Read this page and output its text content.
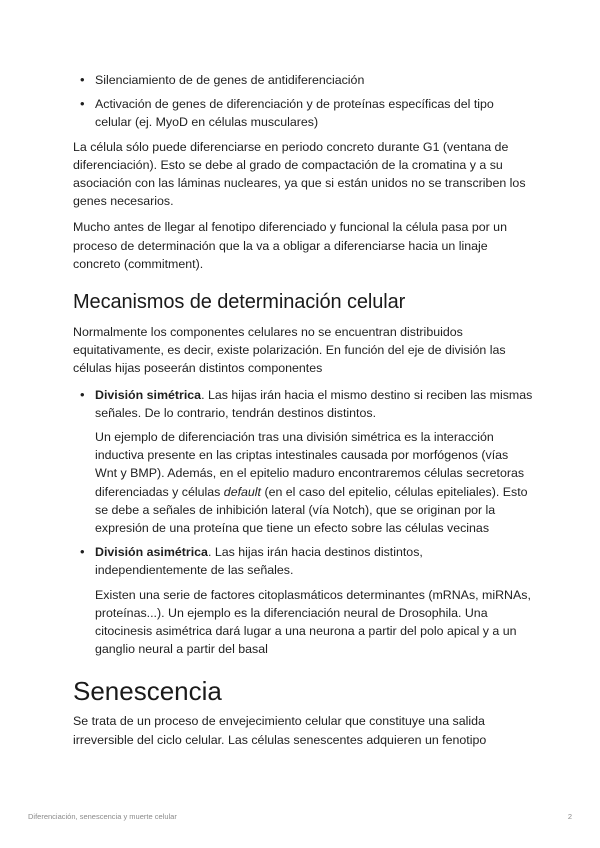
• Silenciamiento de de genes de antidiferenciación
• Activación de genes de diferenciación y de proteínas específicas del tipo celular (ej. MyoD en células musculares)

La célula sólo puede diferenciarse en periodo concreto durante G1 (ventana de diferenciación). Esto se debe al grado de compactación de la cromatina y a su asociación con las láminas nucleares, ya que si están unidos no se transcriben los genes necesarios.

Mucho antes de llegar al fenotipo diferenciado y funcional la célula pasa por un proceso de determinación que la va a obligar a diferenciarse hacia un linaje concreto (commitment).

Mecanismos de determinación celular

Normalmente los componentes celulares no se encuentran distribuidos equitativamente, es decir, existe polarización. En función del eje de división las células hijas poseerán distintos componentes

• División simétrica. Las hijas irán hacia el mismo destino si reciben las mismas señales. De lo contrario, tendrán destinos distintos.
Un ejemplo de diferenciación tras una división simétrica es la interacción inductiva presente en las criptas intestinales causada por morfógenos (vías Wnt y BMP). Además, en el epitelio maduro encontraremos células secretoras diferenciadas y células default (en el caso del epitelio, células epiteliales). Esto se debe a señales de inhibición lateral (vía Notch), que se originan por la expresión de una proteína que tiene un efecto sobre las células vecinas
• División asimétrica. Las hijas irán hacia destinos distintos, independientemente de las señales.
Existen una serie de factores citoplasmáticos determinantes (mRNAs, miRNAs, proteínas...). Un ejemplo es la diferenciación neural de Drosophila. Una citocinesis asimétrica dará lugar a una neurona a partir del polo apical y a un ganglio neural a partir del basal
Senescencia

Se trata de un proceso de envejecimiento celular que constituye una salida irreversible del ciclo celular. Las células senescentes adquieren un fenotipo

Diferenciación, senescencia y muerte celular	2
